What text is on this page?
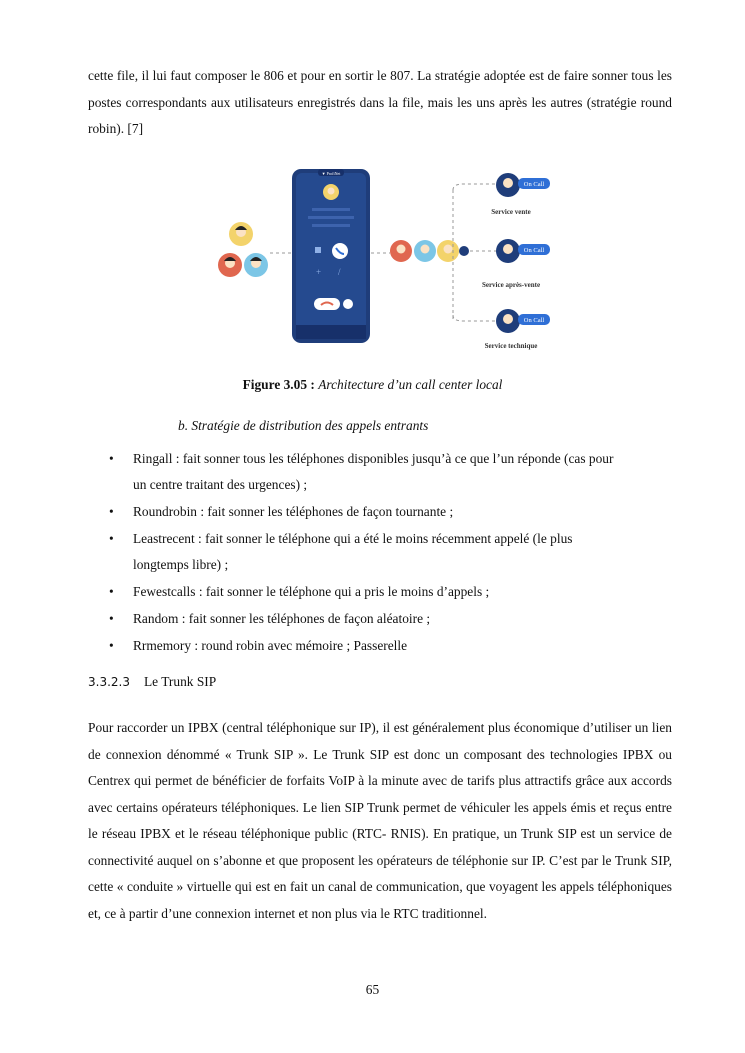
cette file, il lui faut composer le 806 et pour en sortir le 807. La stratégie adoptée est de faire sonner tous les postes correspondants aux utilisateurs enregistrés dans la file, mais les uns après les autres (stratégie round robin). [7]

+ /
▼ ProfiNet
On Call
Service vente
On Call
Service après-vente
On Call
Service technique
Figure 3.05 : Architecture d’un call center local
b. Stratégie de distribution des appels entrants
• Ringall : fait sonner tous les téléphones disponibles jusqu’à ce que l’un réponde (cas pour
un centre traitant des urgences) ;
• Roundrobin : fait sonner les téléphones de façon tournante ;
• Leastrecent : fait sonner le téléphone qui a été le moins récemment appelé (le plus
longtemps libre) ;
• Fewestcalls : fait sonner le téléphone qui a pris le moins d’appels ;
• Random : fait sonner les téléphones de façon aléatoire ;
• Rrmemory : round robin avec mémoire ; Passerelle
3.3.2.3 Le Trunk SIP

Pour raccorder un IPBX (central téléphonique sur IP), il est généralement plus économique d’utiliser un lien de connexion dénommé « Trunk SIP ». Le Trunk SIP est donc un composant des technologies IPBX ou Centrex qui permet de bénéficier de forfaits VoIP à la minute avec de tarifs plus attractifs grâce aux accords avec certains opérateurs téléphoniques. Le lien SIP Trunk permet de véhiculer les appels émis et reçus entre le réseau IPBX et le réseau téléphonique public (RTC- RNIS). En pratique, un Trunk SIP est un service de connectivité auquel on s’abonne et que proposent les opérateurs de téléphonie sur IP. C’est par le Trunk SIP, cette « conduite » virtuelle qui est en fait un canal de communication, que voyagent les appels téléphoniques et, ce à partir d’une connexion internet et non plus via le RTC traditionnel.

65
